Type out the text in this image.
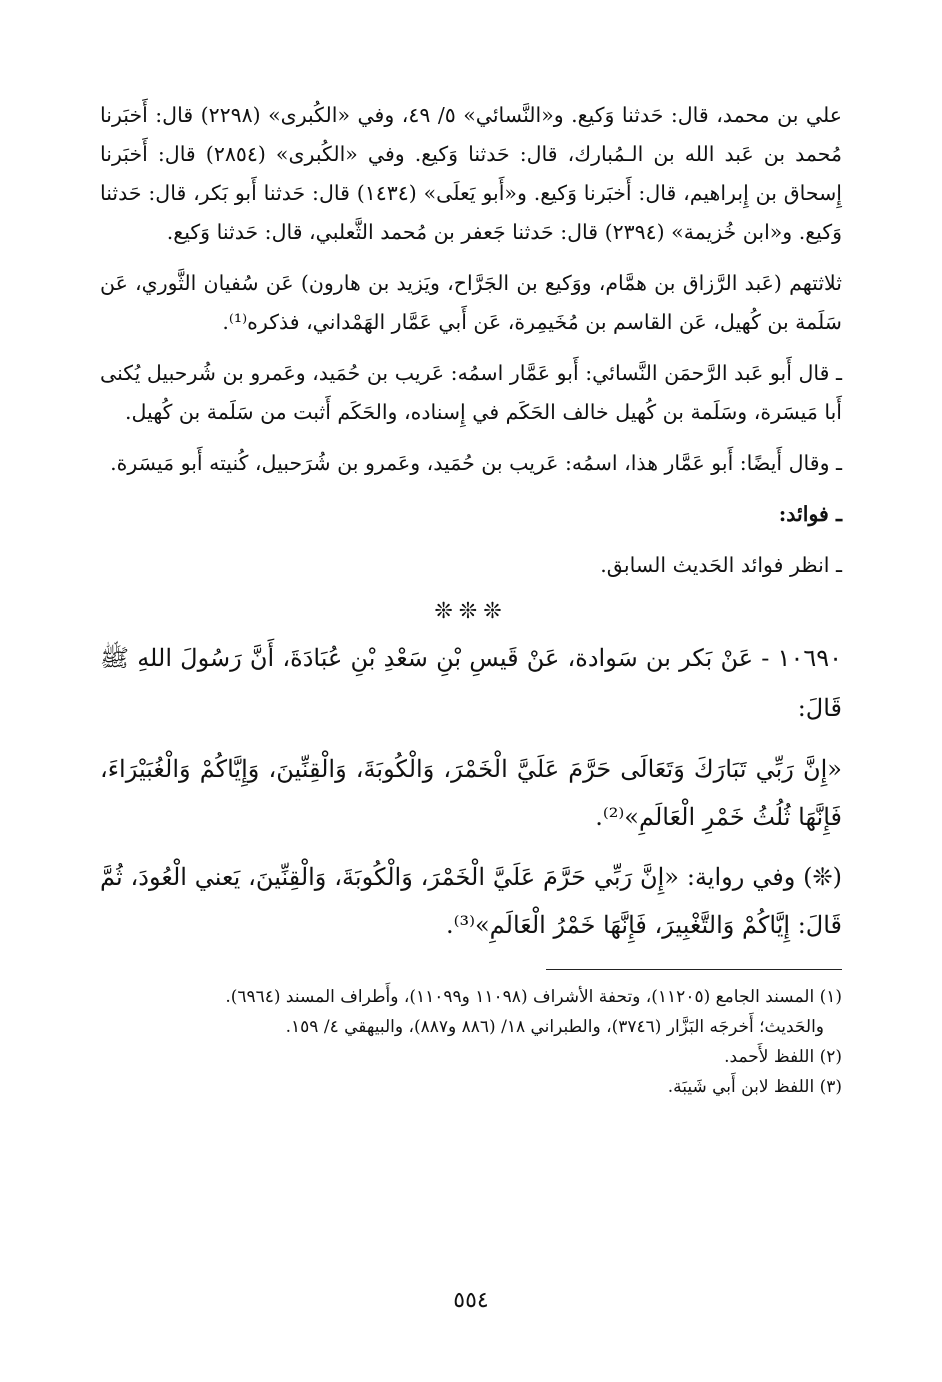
علي بن محمد، قال: حَدثنا وَكيع. و«النَّسائي» ٥/ ٤٩، وفي «الكُبرى» (٢٢٩٨) قال: أَخبَرنا مُحمد بن عَبد الله بن الـمُبارك، قال: حَدثنا وَكيع. وفي «الكُبرى» (٢٨٥٤) قال: أَخبَرنا إِسحاق بن إِبراهيم، قال: أَخبَرنا وَكيع. و«أَبو يَعلَى» (١٤٣٤) قال: حَدثنا أَبو بَكر، قال: حَدثنا وَكيع. و«ابن خُزيمة» (٢٣٩٤) قال: حَدثنا جَعفر بن مُحمد الثَّعلبي، قال: حَدثنا وَكيع.

ثلاثتهم (عَبد الرَّزاق بن همَّام، ووَكيع بن الجَرَّاح، ويَزيد بن هارون) عَن سُفيان الثَّوري، عَن سَلَمة بن كُهيل، عَن القاسم بن مُخَيمِرة، عَن أَبي عَمَّار الهَمْداني، فذكره⁽¹⁾.

ـ قال أَبو عَبد الرَّحمَن النَّسائي: أَبو عَمَّار اسمُه: عَريب بن حُمَيد، وعَمرو بن شُرحبيل يُكنى أَبا مَيسَرة، وسَلَمة بن كُهيل خالف الحَكَم في إِسناده، والحَكَم أَثبت من سَلَمة بن كُهيل.

ـ وقال أَيضًا: أَبو عَمَّار هذا، اسمُه: عَريب بن حُمَيد، وعَمرو بن شُرَحبيل، كُنيته أَبو مَيسَرة.

ـ فوائد:

ـ انظر فوائد الحَديث السابق.

❊❊❊

١٠٦٩٠ - عَنْ بَكر بن سَوادة، عَنْ قَيسِ بْنِ سَعْدِ بْنِ عُبَادَةَ، أَنَّ رَسُولَ اللهِ ﷺ قَالَ:

«إِنَّ رَبِّي تَبَارَكَ وَتَعَالَى حَرَّمَ عَلَيَّ الْخَمْرَ، وَالْكُوبَةَ، وَالْقِنِّينَ، وَإِيَّاكُمْ وَالْغُبَيْرَاءَ، فَإِنَّهَا ثُلُثُ خَمْرِ الْعَالَمِ»⁽²⁾.

(❊) وفي رواية: «إِنَّ رَبِّي حَرَّمَ عَلَيَّ الْخَمْرَ، وَالْكُوبَةَ، وَالْقِنِّينَ، يَعني الْعُودَ، ثُمَّ قَالَ: إِيَّاكُمْ وَالتَّغْبِيرَ، فَإِنَّهَا خَمْرُ الْعَالَمِ»⁽³⁾.

(١) المسند الجامع (١١٢٠٥)، وتحفة الأشراف (١١٠٩٨ و١١٠٩٩)، وأَطراف المسند (٦٩٦٤).

والحَديث؛ أَخرجَه البَزَّار (٣٧٤٦)، والطبراني ١٨/ (٨٨٦ و٨٨٧)، والبيهقي ٤/ ١٥٩.

(٢) اللفظ لأَحمد.

(٣) اللفظ لابن أَبي شَيبَة.

٥٥٤
